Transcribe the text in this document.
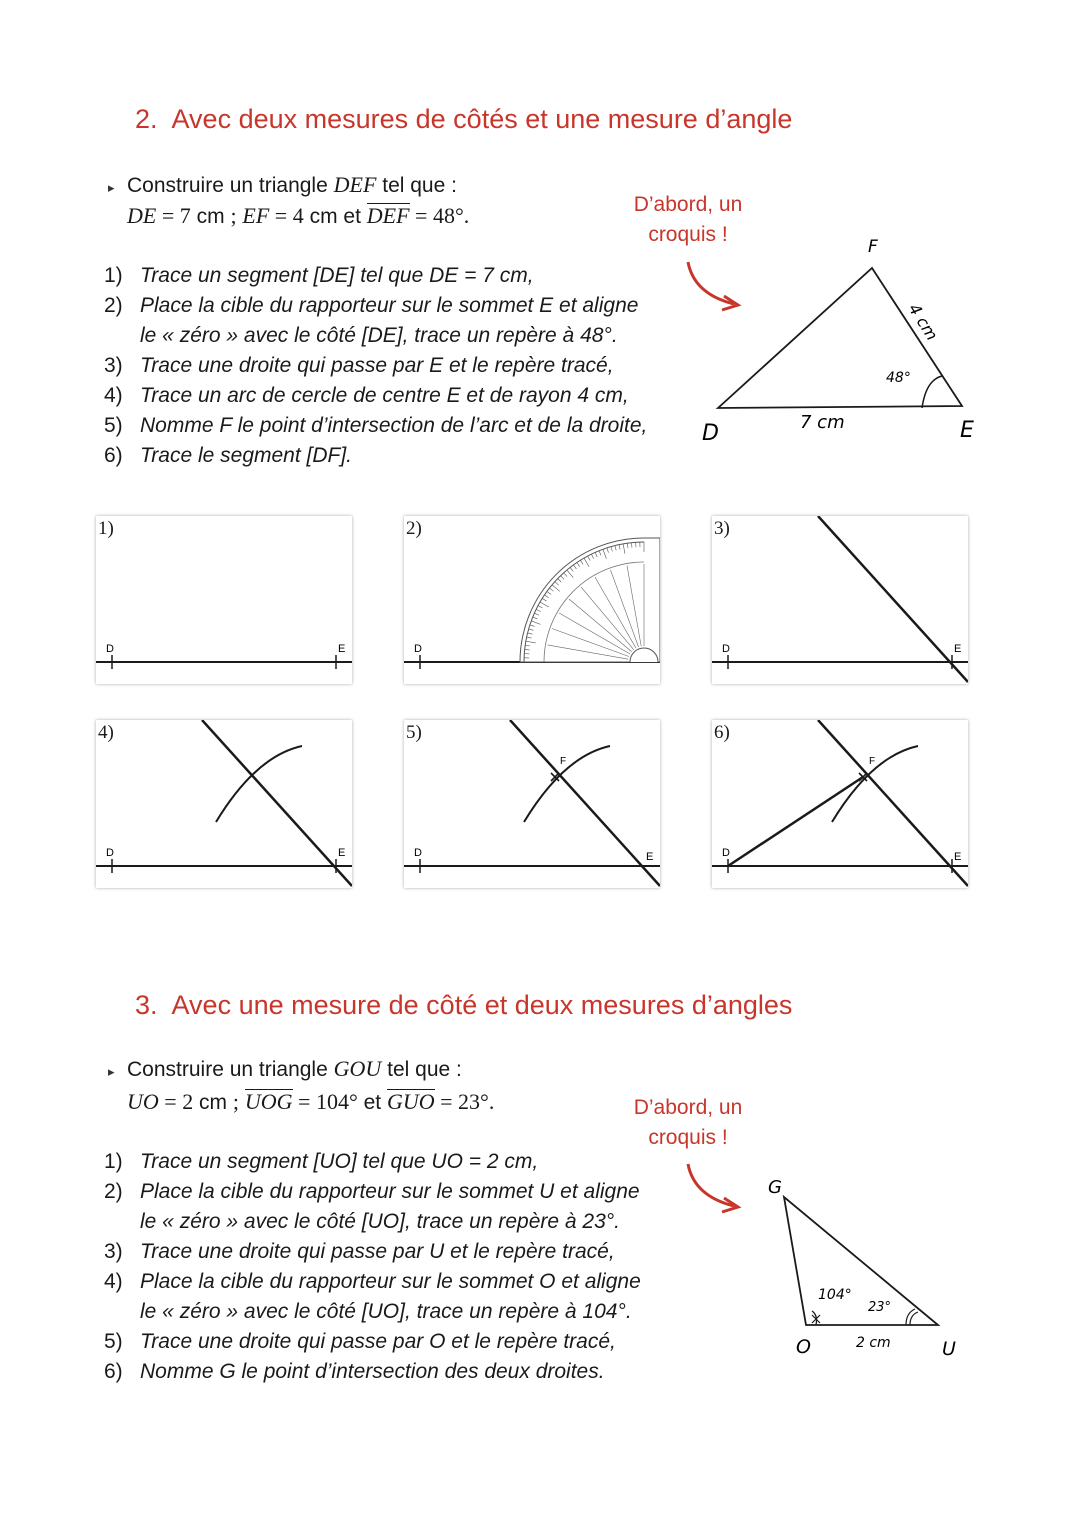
2. Avec deux mesures de côtés et une mesure d’angle
▸ Construire un triangle DEF tel que :
DE = 7 cm ; EF = 4 cm et DEF = 48°.	D’abord, un
croquis !
1) Trace un segment [DE] tel que DE = 7 cm,
2) Place la cible du rapporteur sur le sommet E et aligne
le « zéro » avec le côté [DE], trace un repère à 48°.
3) Trace une droite qui passe par E et le repère tracé,
4) Trace un arc de cercle de centre E et de rayon 4 cm,
5) Nomme F le point d’intersection de l’arc et de la droite,
6) Trace le segment [DF].
F
D	E
7 cm
48°
4 cm
1)
D	E
2)
D
3)
D	E
4)
D	E
5)
F
D	E
6)
F
D	E
3. Avec une mesure de côté et deux mesures d’angles
▸ Construire un triangle GOU tel que :
UO = 2 cm ; UOG = 104° et GUO = 23°.	D’abord, un
croquis !
1) Trace un segment [UO] tel que UO = 2 cm,
2) Place la cible du rapporteur sur le sommet U et aligne
le « zéro » avec le côté [UO], trace un repère à 23°.
3) Trace une droite qui passe par U et le repère tracé,
4) Place la cible du rapporteur sur le sommet O et aligne
le « zéro » avec le côté [UO], trace un repère à 104°.
5) Trace une droite qui passe par O et le repère tracé,
6) Nomme G le point d’intersection des deux droites.
G
O	U
104°
23°
2 cm
